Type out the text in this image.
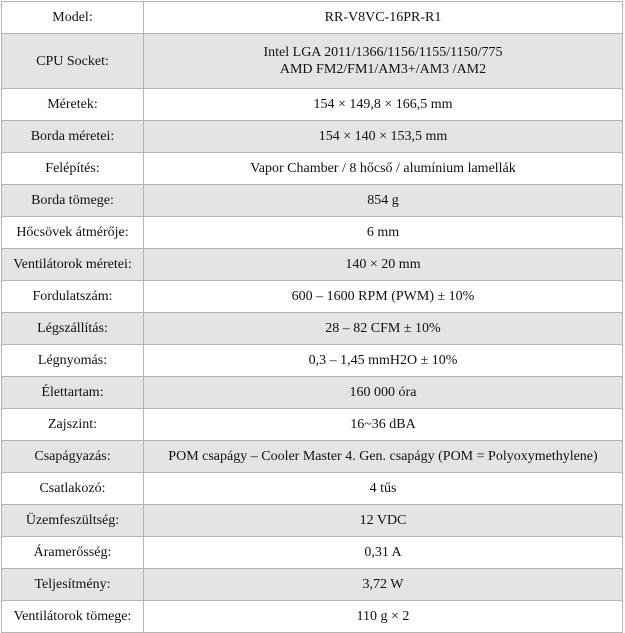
Model:	RR-V8VC-16PR-R1

CPU Socket:	Intel LGA 2011/1366/1156/1155/1150/775
AMD FM2/FM1/AM3+/AM3 /AM2

Méretek:	154 × 149,8 × 166,5 mm

Borda méretei:	154 × 140 × 153,5 mm

Felépítés:	Vapor Chamber / 8 hőcső / alumínium lamellák

Borda tömege:	854 g

Hőcsövek átmérője:	6 mm

Ventilátorok méretei:	140 × 20 mm

Fordulatszám:	600 – 1600 RPM (PWM) ± 10%

Légszállítás:	28 – 82 CFM ± 10%

Légnyomás:	0,3 – 1,45 mmH2O ± 10%

Élettartam:	160 000 óra

Zajszint:	16~36 dBA

Csapágyazás:	POM csapágy – Cooler Master 4. Gen. csapágy (POM = Polyoxymethylene)

Csatlakozó:	4 tűs

Üzemfeszültség:	12 VDC

Áramerősség:	0,31 A

Teljesítmény:	3,72 W

Ventilátorok tömege:	110 g × 2
